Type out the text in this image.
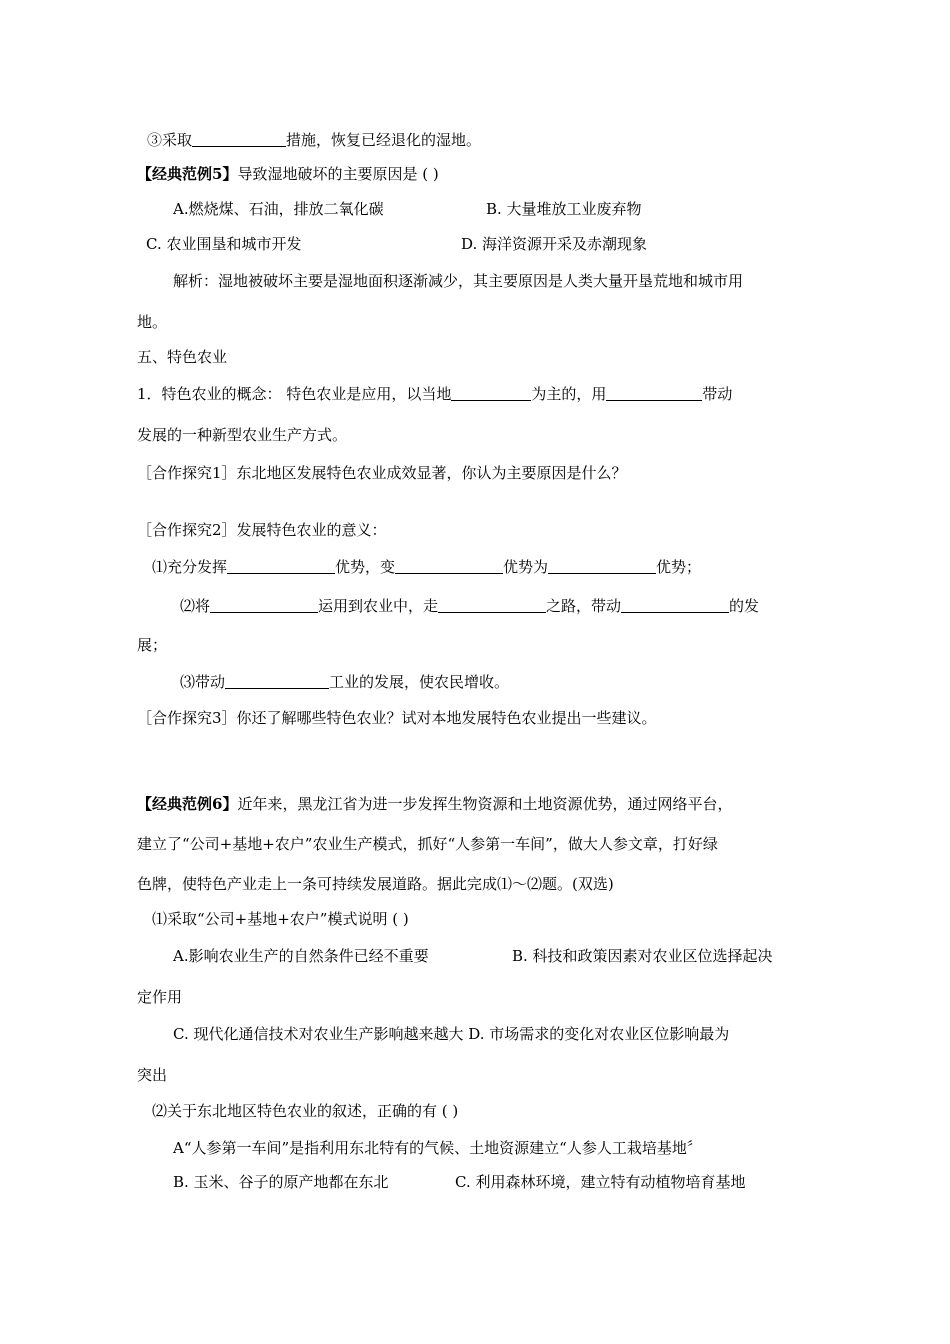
③采取	措施，恢复已经退化的湿地。
【经典范例5】导致湿地破坏的主要原因是 ( )
A.燃烧煤、石油，排放二氧化碳	B. 大量堆放工业废弃物
C. 农业围垦和城市开发	D. 海洋资源开采及赤潮现象
解析：湿地被破坏主要是湿地面积逐渐减少，其主要原因是人类大量开垦荒地和城市用
地。
五、特色农业
1．特色农业的概念： 特色农业是应用，以当地	为主的，用	带动
发展的一种新型农业生产方式。
［合作探究1］东北地区发展特色农业成效显著，你认为主要原因是什么？
［合作探究2］发展特色农业的意义：
⑴充分发挥	优势，变	优势为	优势；
⑵将	运用到农业中，走	之路，带动	的发
展；
⑶带动	工业的发展，使农民增收。
［合作探究3］你还了解哪些特色农业？试对本地发展特色农业提出一些建议。
【经典范例6】近年来，黑龙江省为进一步发挥生物资源和土地资源优势，通过网络平台，
建立了“公司+基地+农户”农业生产模式，抓好“人参第一车间”，做大人参文章，打好绿
色牌，使特色产业走上一条可持续发展道路。据此完成⑴～⑵题。(双选)
⑴采取“公司+基地+农户”模式说明 ( )
A.影响农业生产的自然条件已经不重要	B. 科技和政策因素对农业区位选择起决
定作用
C. 现代化通信技术对农业生产影响越来越大 D. 市场需求的变化对农业区位影响最为
突出
⑵关于东北地区特色农业的叙述，正确的有 ( )
A“人参第一车间”是指利用东北特有的气候、土地资源建立“人参人工栽培基地〞
B. 玉米、谷子的原产地都在东北	C. 利用森林环境，建立特有动植物培育基地
